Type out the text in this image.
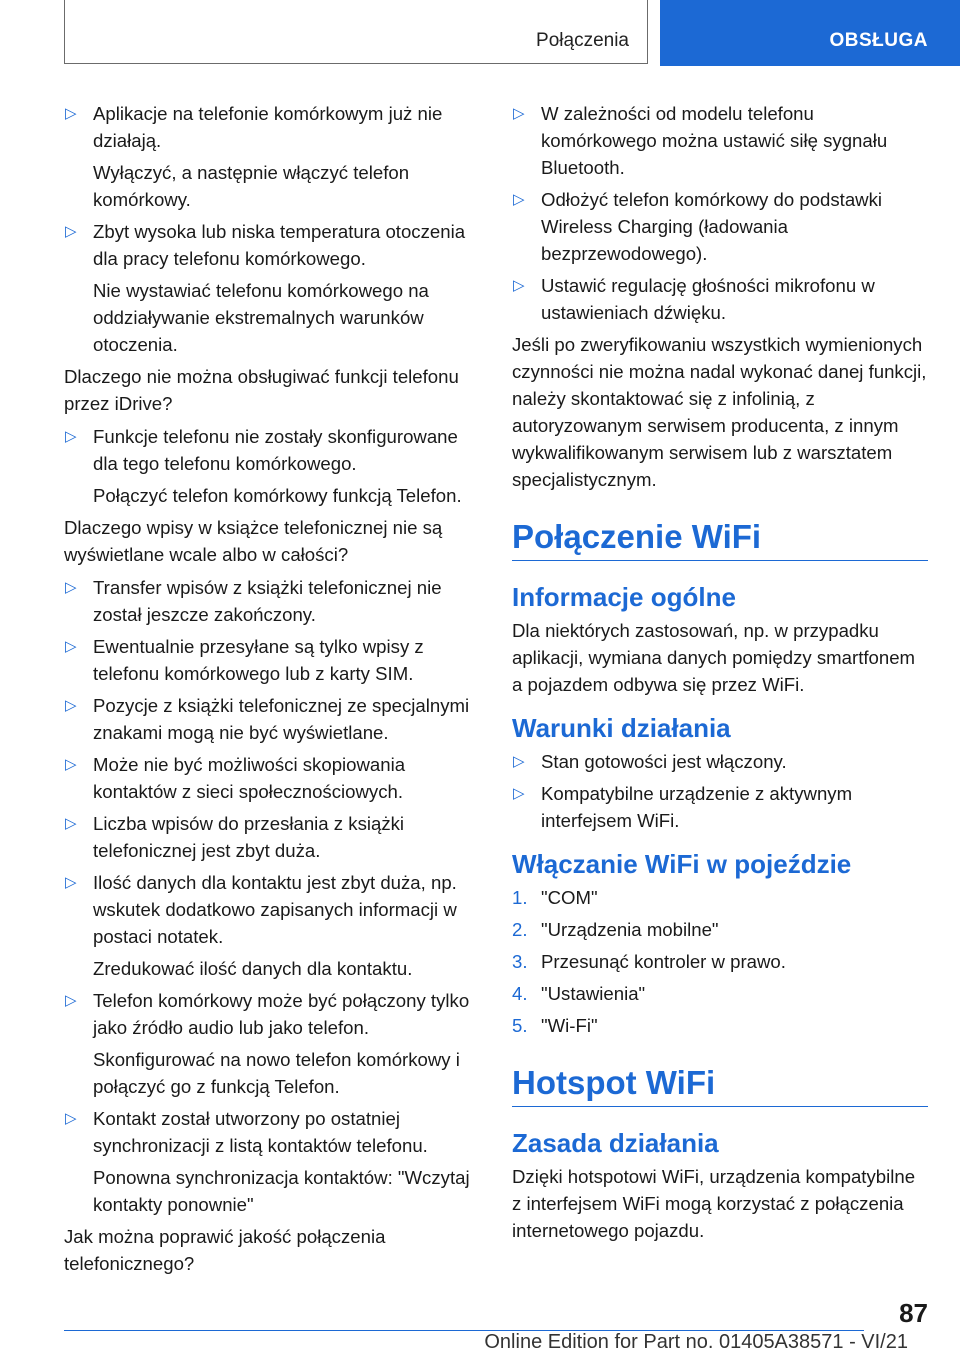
Połączenia	OBSŁUGA
▷ Aplikacje na telefonie komórkowym już nie działają.

Wyłączyć, a następnie włączyć telefon komórkowy.

▷ Zbyt wysoka lub niska temperatura otoczenia dla pracy telefonu komórkowego.

Nie wystawiać telefonu komórkowego na oddziaływanie ekstremalnych warunków otoczenia.

Dlaczego nie można obsługiwać funkcji telefonu przez iDrive?

▷ Funkcje telefonu nie zostały skonfigurowane dla tego telefonu komórkowego.

Połączyć telefon komórkowy funkcją Telefon.

Dlaczego wpisy w książce telefonicznej nie są wyświetlane wcale albo w całości?

▷ Transfer wpisów z książki telefonicznej nie został jeszcze zakończony.
▷ Ewentualnie przesyłane są tylko wpisy z telefonu komórkowego lub z karty SIM.
▷ Pozycje z książki telefonicznej ze specjalnymi znakami mogą nie być wyświetlane.
▷ Może nie być możliwości skopiowania kontaktów z sieci społecznościowych.
▷ Liczba wpisów do przesłania z książki telefonicznej jest zbyt duża.
▷ Ilość danych dla kontaktu jest zbyt duża, np. wskutek dodatkowo zapisanych informacji w postaci notatek.

Zredukować ilość danych dla kontaktu.

▷ Telefon komórkowy może być połączony tylko jako źródło audio lub jako telefon.

Skonfigurować na nowo telefon komórkowy i połączyć go z funkcją Telefon.

▷ Kontakt został utworzony po ostatniej synchronizacji z listą kontaktów telefonu.

Ponowna synchronizacja kontaktów: "Wczytaj kontakty ponownie"

Jak można poprawić jakość połączenia telefonicznego?

▷ W zależności od modelu telefonu komórkowego można ustawić siłę sygnału Bluetooth.
▷ Odłożyć telefon komórkowy do podstawki Wireless Charging (ładowania bezprzewodowego).
▷ Ustawić regulację głośności mikrofonu w ustawieniach dźwięku.

Jeśli po zweryfikowaniu wszystkich wymienionych czynności nie można nadal wykonać danej funkcji, należy skontaktować się z infolinią, z autoryzowanym serwisem producenta, z innym wykwalifikowanym serwisem lub z warsztatem specjalistycznym.

Połączenie WiFi
Informacje ogólne

Dla niektórych zastosowań, np. w przypadku aplikacji, wymiana danych pomiędzy smartfonem a pojazdem odbywa się przez WiFi.

Warunki działania
▷ Stan gotowości jest włączony.
▷ Kompatybilne urządzenie z aktywnym interfejsem WiFi.
Włączanie WiFi w pojeździe
1. "COM"
2. "Urządzenia mobilne"
3. Przesunąć kontroler w prawo.
4. "Ustawienia"
5. "Wi-Fi"
Hotspot WiFi
Zasada działania

Dzięki hotspotowi WiFi, urządzenia kompatybilne z interfejsem WiFi mogą korzystać z połączenia internetowego pojazdu.

87
Online Edition for Part no. 01405A38571 - VI/21
